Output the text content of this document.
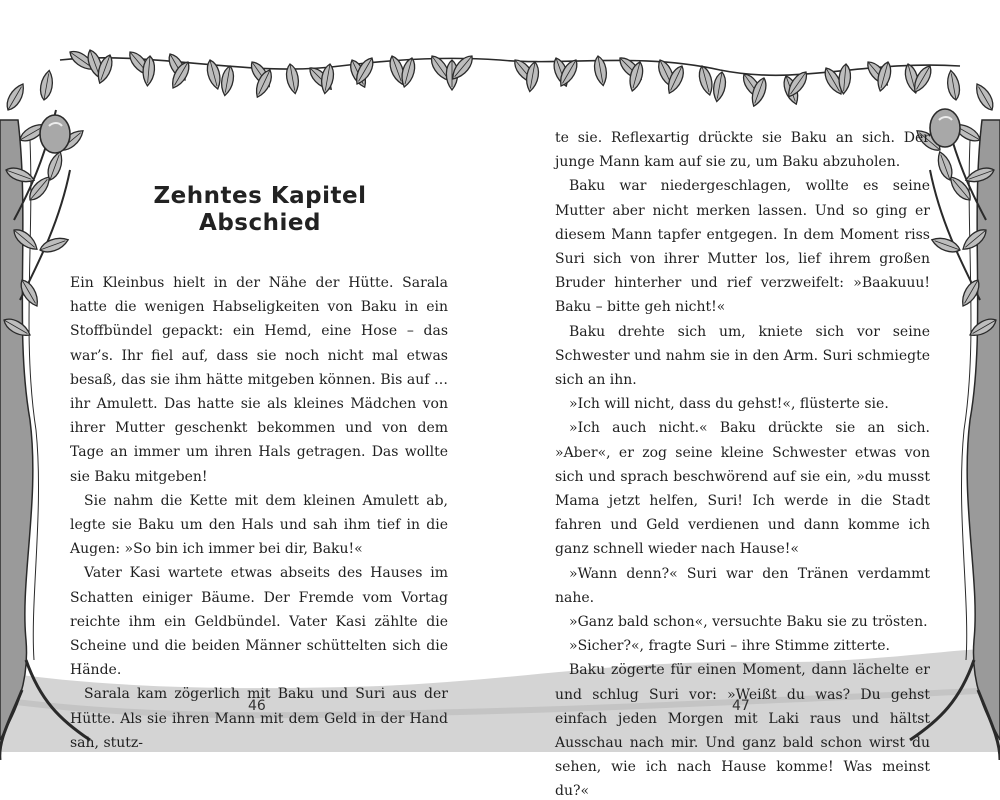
Zehntes Kapitel
Abschied

Ein Kleinbus hielt in der Nähe der Hütte. Sarala hatte die wenigen Habseligkeiten von Baku in ein Stoffbündel gepackt: ein Hemd, eine Hose – das war’s. Ihr fiel auf, dass sie noch nicht mal etwas besaß, das sie ihm hätte mitgeben können. Bis auf … ihr Amulett. Das hatte sie als kleines Mädchen von ihrer Mutter geschenkt bekommen und von dem Tage an immer um ihren Hals getragen. Das wollte sie Baku mitgeben!

Sie nahm die Kette mit dem kleinen Amulett ab, legte sie Baku um den Hals und sah ihm tief in die Augen: »So bin ich immer bei dir, Baku!«

Vater Kasi wartete etwas abseits des Hauses im Schatten einiger Bäume. Der Fremde vom Vortag reichte ihm ein Geldbündel. Vater Kasi zählte die Scheine und die beiden Männer schüttelten sich die Hände.

Sarala kam zögerlich mit Baku und Suri aus der Hütte. Als sie ihren Mann mit dem Geld in der Hand sah, stutz-

46

te sie. Reflexartig drückte sie Baku an sich. Der junge Mann kam auf sie zu, um Baku abzuholen.

Baku war niedergeschlagen, wollte es seine Mutter aber nicht merken lassen. Und so ging er diesem Mann tapfer entgegen. In dem Moment riss Suri sich von ihrer Mutter los, lief ihrem großen Bruder hinterher und rief verzweifelt: »Baakuuu! Baku – bitte geh nicht!«

Baku drehte sich um, kniete sich vor seine Schwester und nahm sie in den Arm. Suri schmiegte sich an ihn.

»Ich will nicht, dass du gehst!«, flüsterte sie.

»Ich auch nicht.« Baku drückte sie an sich. »Aber«, er zog seine kleine Schwester etwas von sich und sprach beschwörend auf sie ein, »du musst Mama jetzt helfen, Suri! Ich werde in die Stadt fahren und Geld verdienen und dann komme ich ganz schnell wieder nach Hause!«

»Wann denn?« Suri war den Tränen verdammt nahe.

»Ganz bald schon«, versuchte Baku sie zu trösten.

»Sicher?«, fragte Suri – ihre Stimme zitterte.

Baku zögerte für einen Moment, dann lächelte er und schlug Suri vor: »Weißt du was? Du gehst einfach jeden Morgen mit Laki raus und hältst Ausschau nach mir. Und ganz bald schon wirst du sehen, wie ich nach Hause komme! Was meinst du?«

47
